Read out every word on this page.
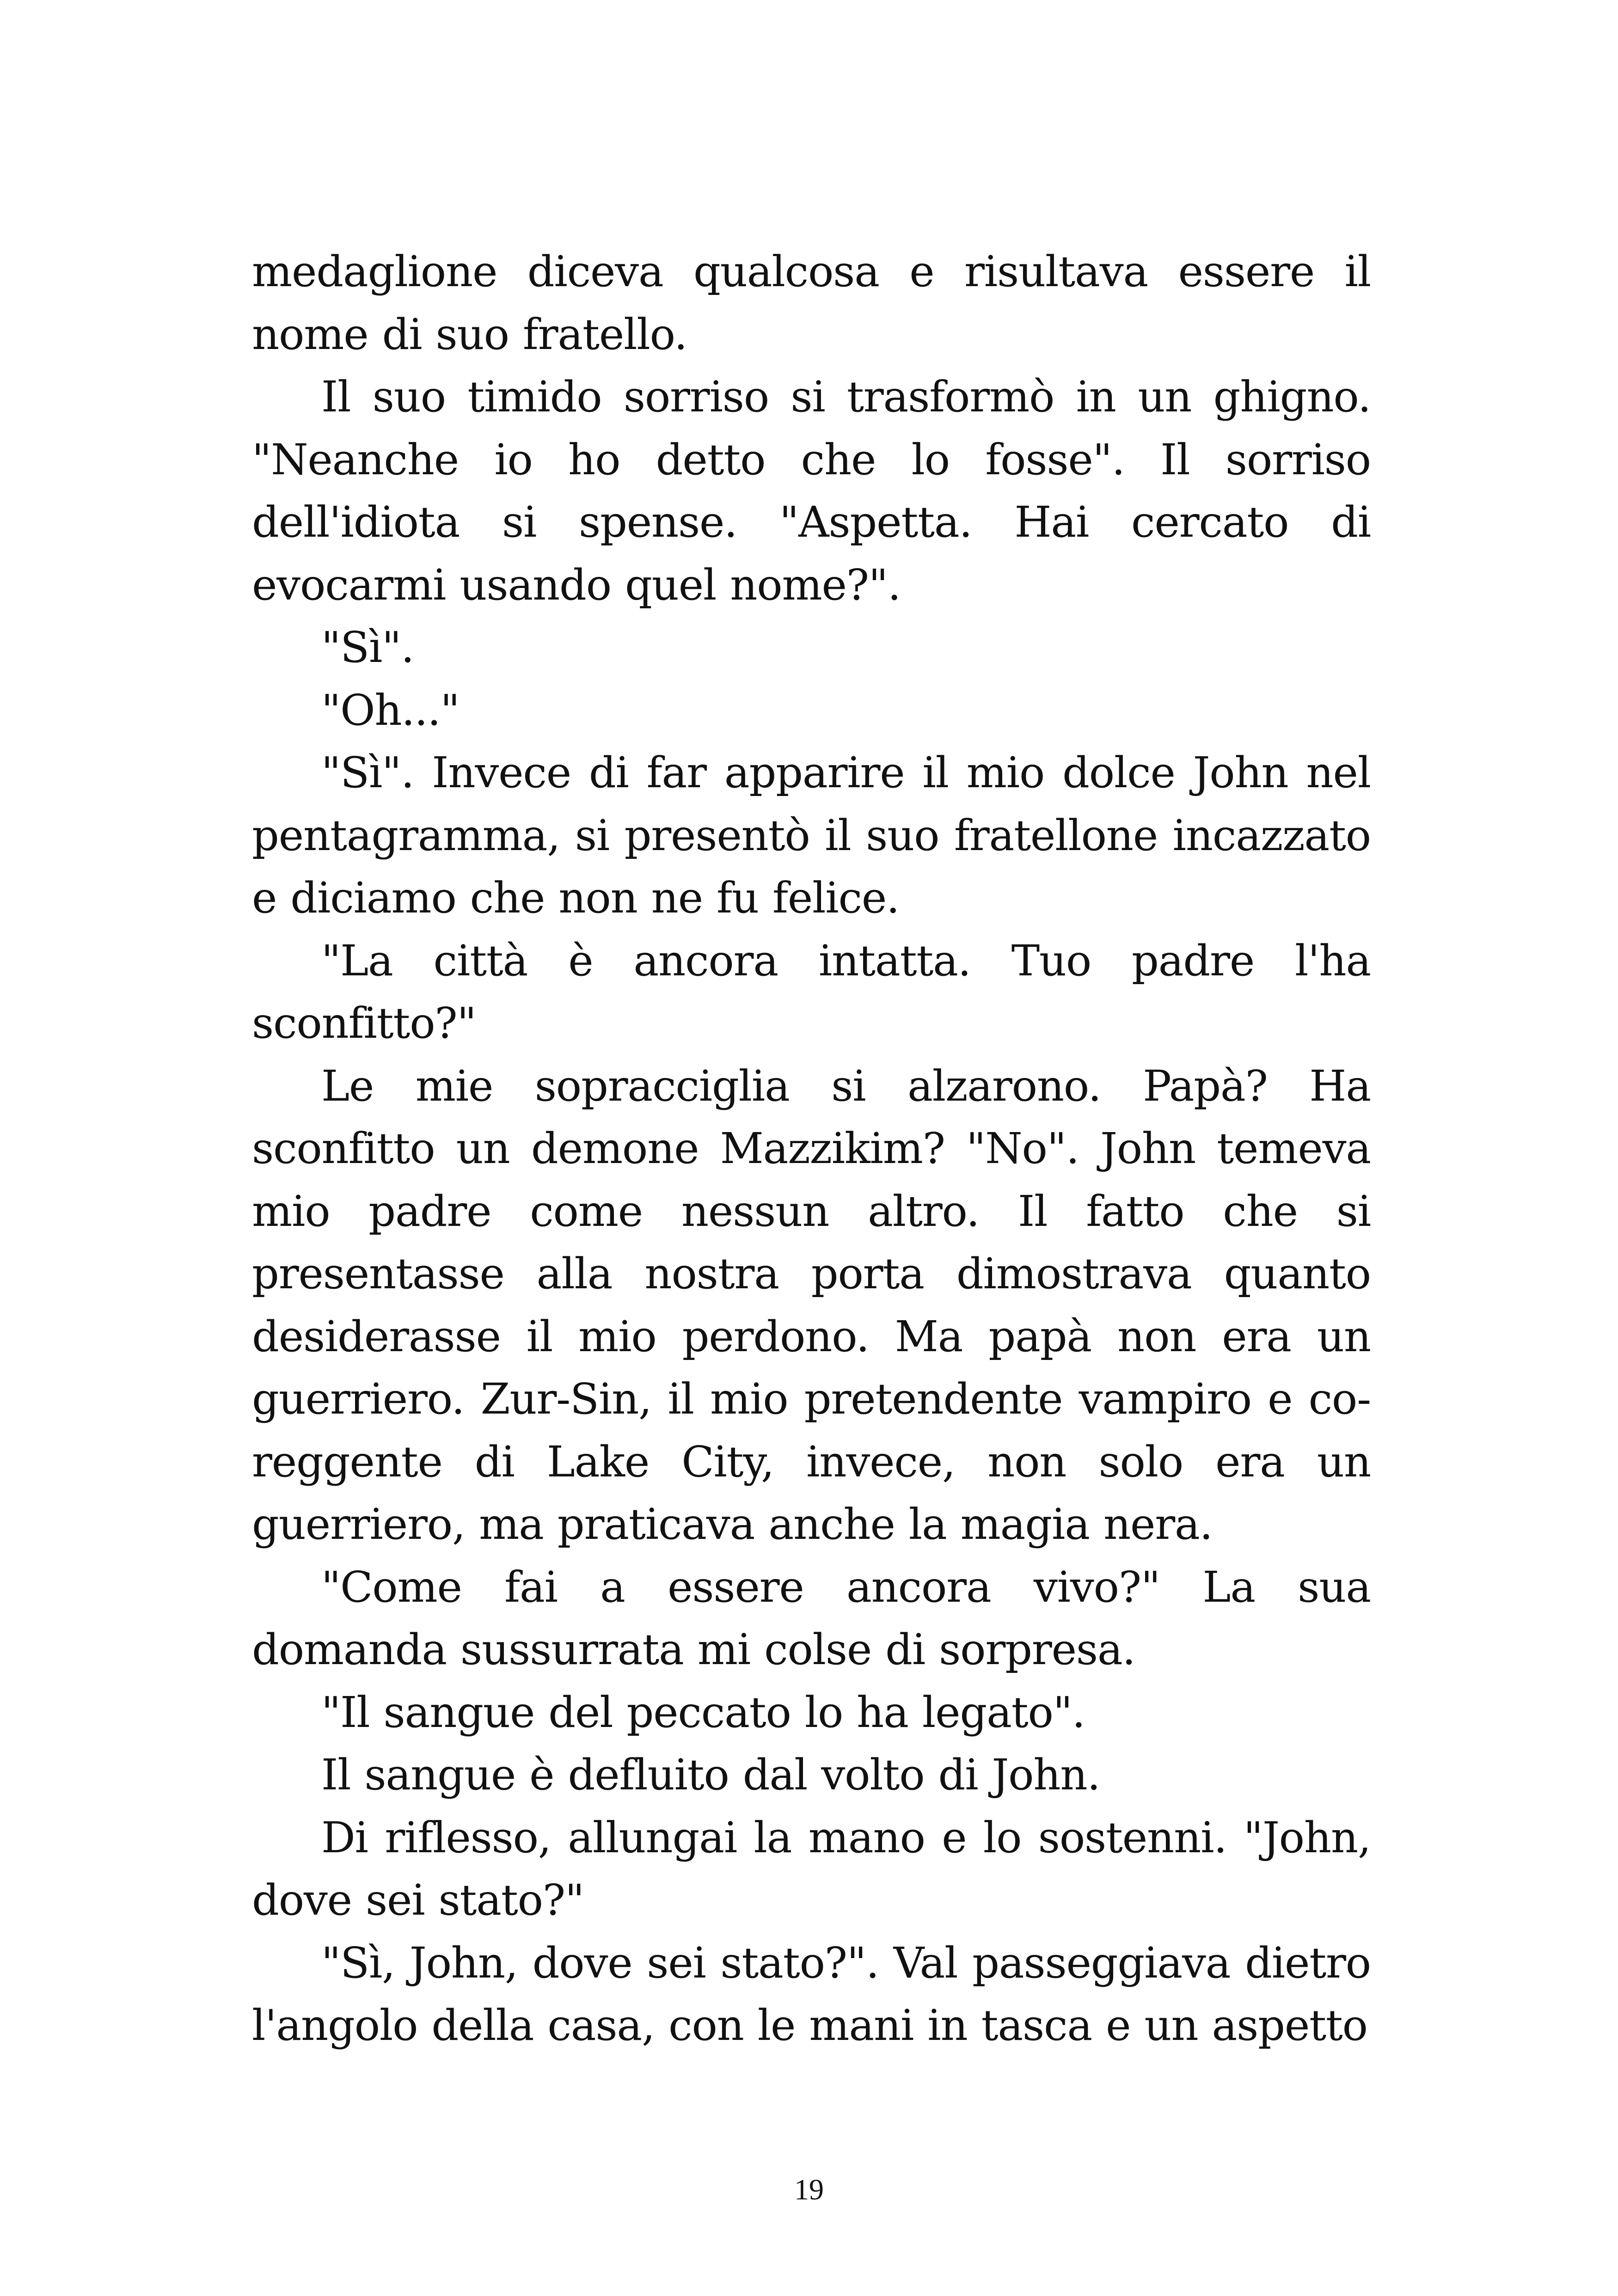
medaglione diceva qualcosa e risultava essere il nome di suo fratello.

Il suo timido sorriso si trasformò in un ghigno. "Neanche io ho detto che lo fosse". Il sorriso dell'idiota si spense. "Aspetta. Hai cercato di evocarmi usando quel nome?".

"Sì".

"Oh..."

"Sì". Invece di far apparire il mio dolce John nel pentagramma, si presentò il suo fratellone incazzato e diciamo che non ne fu felice.

"La città è ancora intatta. Tuo padre l'ha sconfitto?"

Le mie sopracciglia si alzarono. Papà? Ha sconfitto un demone Mazzikim? "No". John temeva mio padre come nessun altro. Il fatto che si presentasse alla nostra porta dimostrava quanto desiderasse il mio perdono. Ma papà non era un guerriero. Zur-Sin, il mio pretendente vampiro e co-reggente di Lake City, invece, non solo era un guerriero, ma praticava anche la magia nera.

"Come fai a essere ancora vivo?" La sua domanda sussurrata mi colse di sorpresa.

"Il sangue del peccato lo ha legato".

Il sangue è defluito dal volto di John.

Di riflesso, allungai la mano e lo sostenni. "John, dove sei stato?"

"Sì, John, dove sei stato?". Val passeggiava dietro l'angolo della casa, con le mani in tasca e un aspetto

19
